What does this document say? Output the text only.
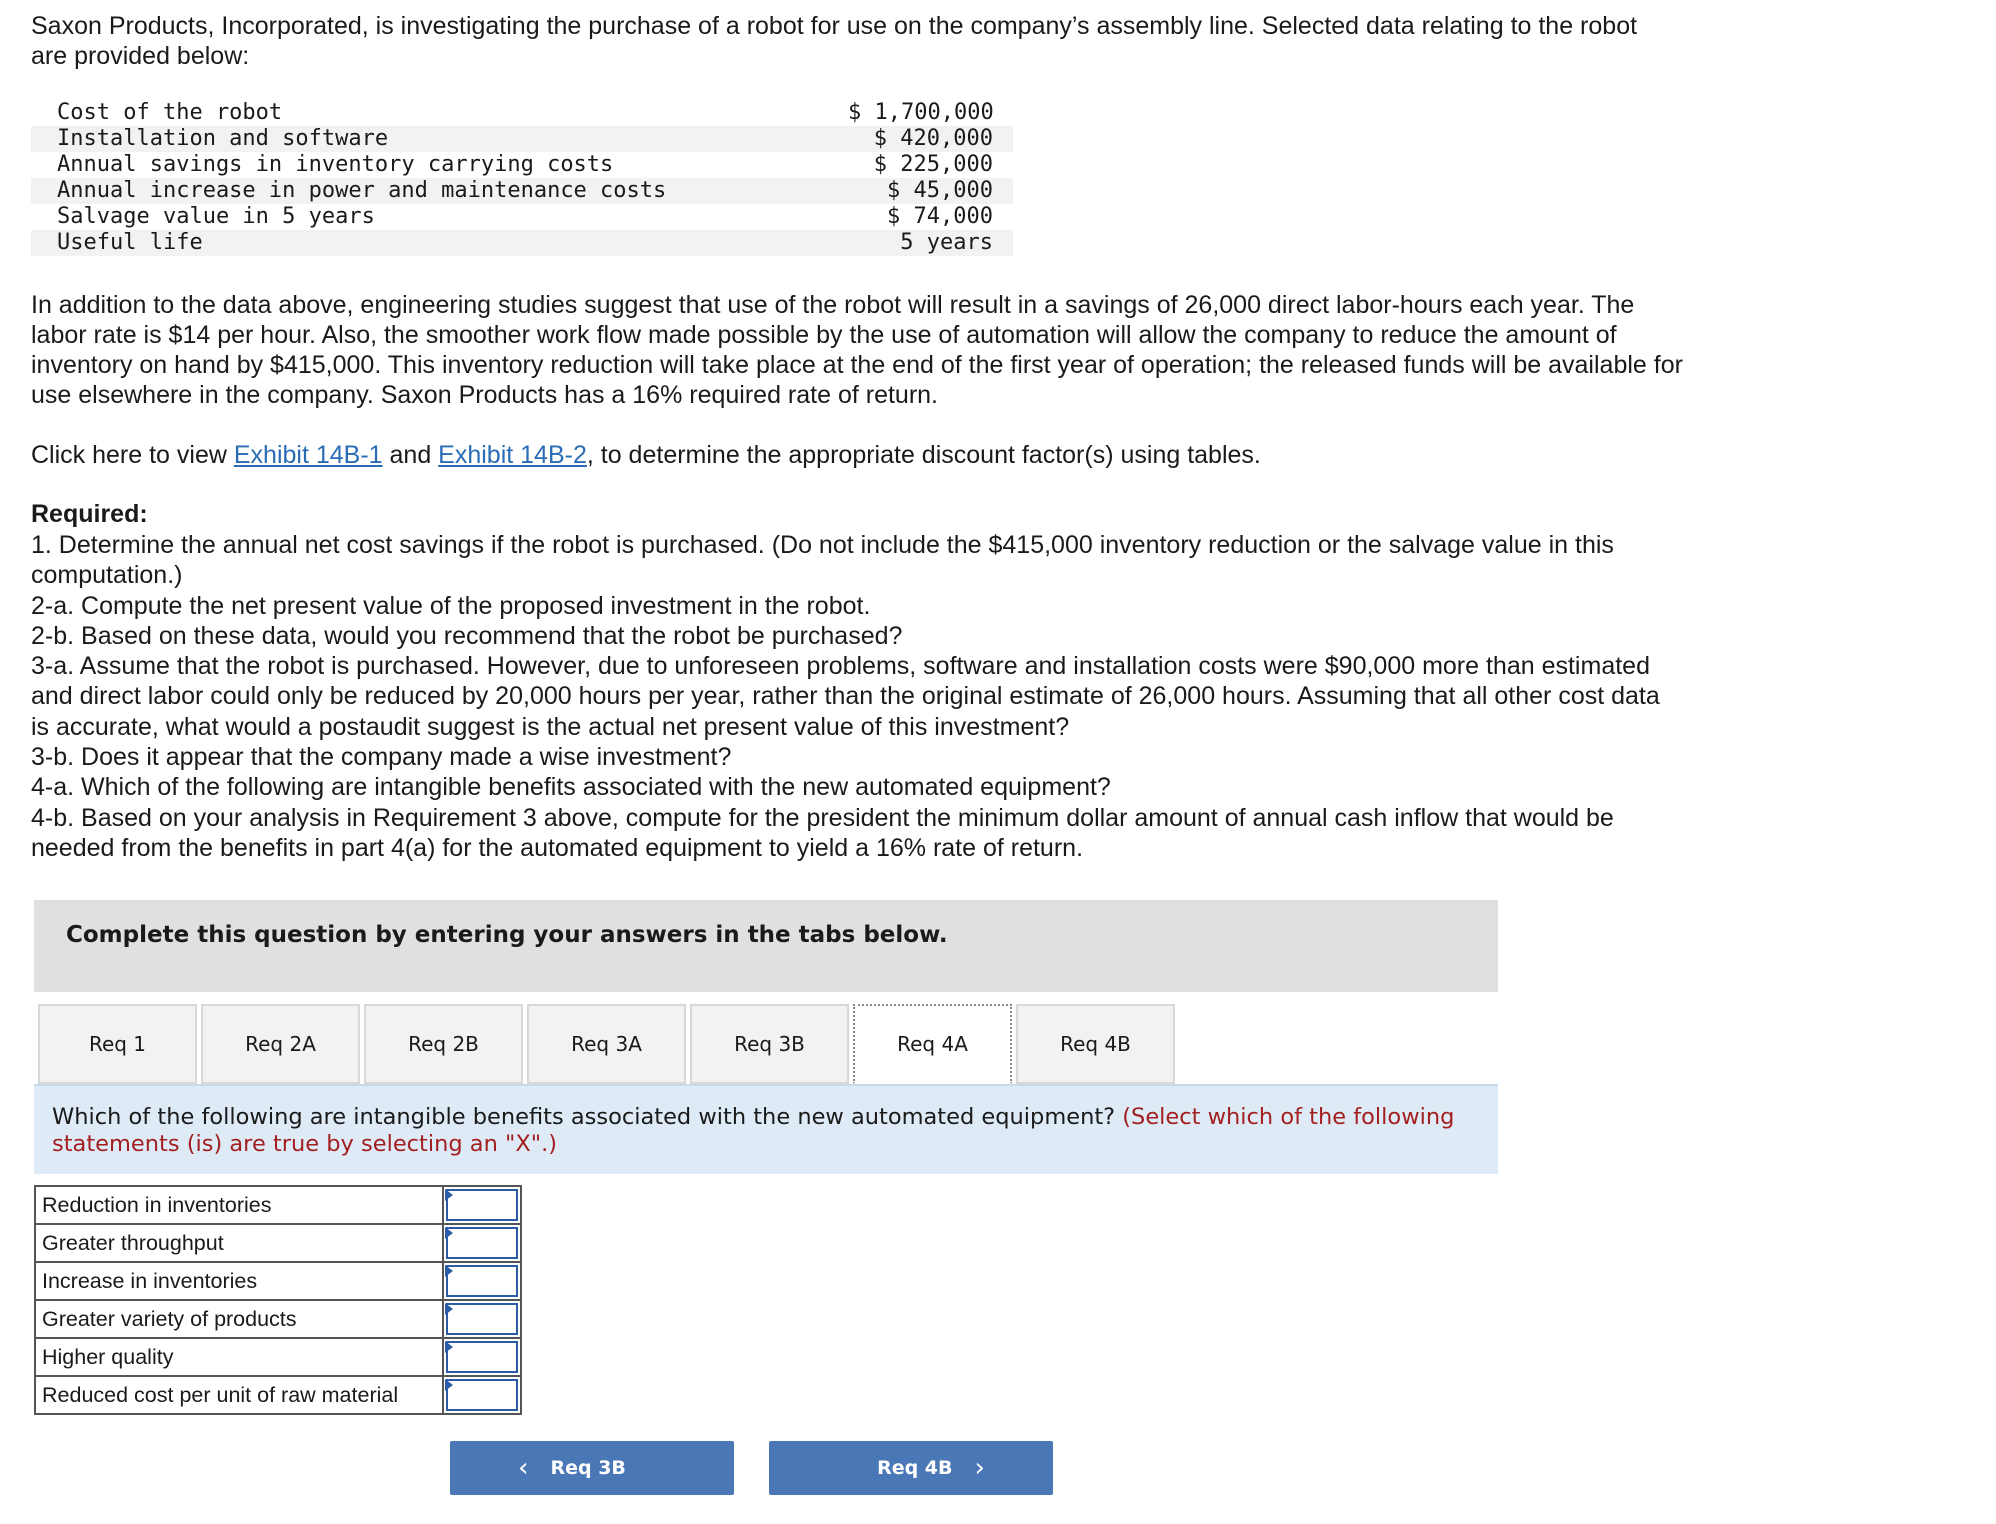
Saxon Products, Incorporated, is investigating the purchase of a robot for use on the company’s assembly line. Selected data relating to the robot are provided below:

Cost of the robot	$ 1,700,000
Installation and software	$ 420,000
Annual savings in inventory carrying costs	$ 225,000
Annual increase in power and maintenance costs	$ 45,000
Salvage value in 5 years	$ 74,000
Useful life	5 years

In addition to the data above, engineering studies suggest that use of the robot will result in a savings of 26,000 direct labor-hours each year. The labor rate is $14 per hour. Also, the smoother work flow made possible by the use of automation will allow the company to reduce the amount of inventory on hand by $415,000. This inventory reduction will take place at the end of the first year of operation; the released funds will be available for use elsewhere in the company. Saxon Products has a 16% required rate of return.

Click here to view Exhibit 14B-1 and Exhibit 14B-2, to determine the appropriate discount factor(s) using tables.

Required:
1. Determine the annual net cost savings if the robot is purchased. (Do not include the $415,000 inventory reduction or the salvage value in this computation.)
2-a. Compute the net present value of the proposed investment in the robot.
2-b. Based on these data, would you recommend that the robot be purchased?
3-a. Assume that the robot is purchased. However, due to unforeseen problems, software and installation costs were $90,000 more than estimated and direct labor could only be reduced by 20,000 hours per year, rather than the original estimate of 26,000 hours. Assuming that all other cost data is accurate, what would a postaudit suggest is the actual net present value of this investment?
3-b. Does it appear that the company made a wise investment?
4-a. Which of the following are intangible benefits associated with the new automated equipment?
4-b. Based on your analysis in Requirement 3 above, compute for the president the minimum dollar amount of annual cash inflow that would be needed from the benefits in part 4(a) for the automated equipment to yield a 16% rate of return.
Complete this question by entering your answers in the tabs below.
Req 1	Req 2A	Req 2B	Req 3A	Req 3B	Req 4A	Req 4B
Which of the following are intangible benefits associated with the new automated equipment? (Select which of the following statements (is) are true by selecting an "X".)
Reduction in inventories	

Greater throughput	

Increase in inventories	

Greater variety of products	

Higher quality	

Reduced cost per unit of raw material	
‹ Req 3B	Req 4B ›
